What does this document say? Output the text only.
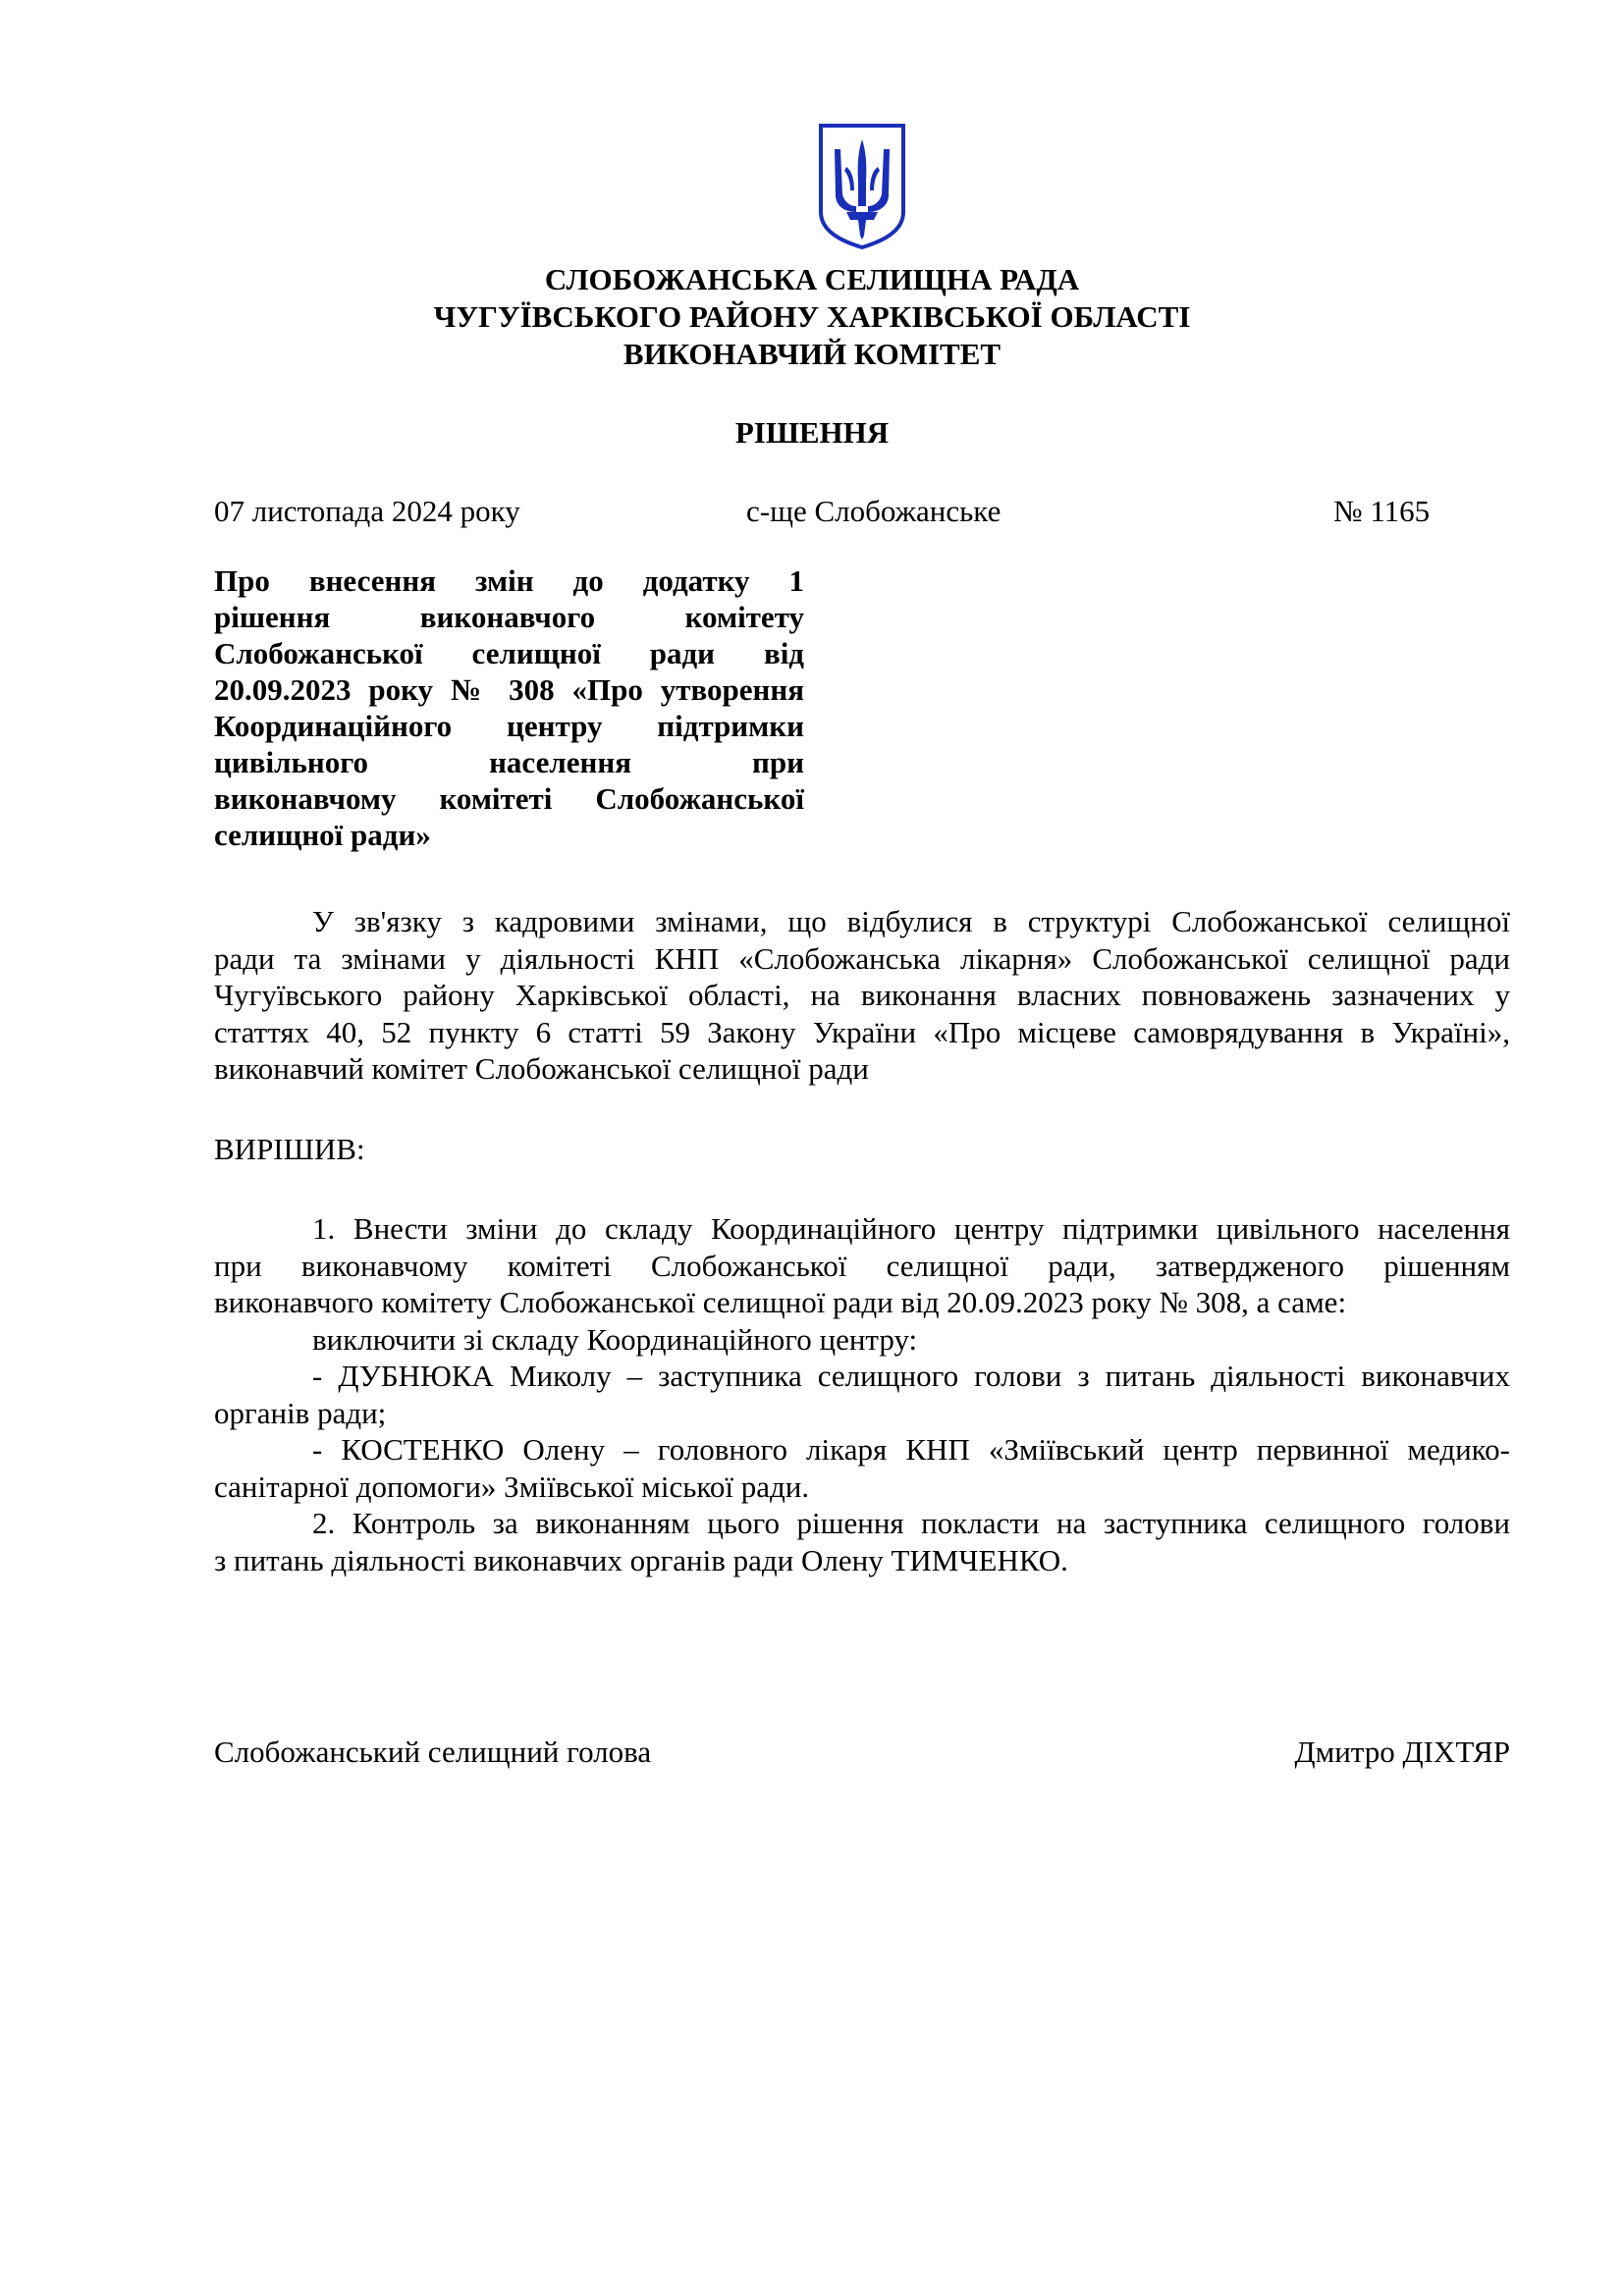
СЛОБОЖАНСЬКА СЕЛИЩНА РАДА
ЧУГУЇВСЬКОГО РАЙОНУ ХАРКІВСЬКОЇ ОБЛАСТІ
ВИКОНАВЧИЙ КОМІТЕТ
РІШЕННЯ
07 листопада 2024 року	с-ще Слобожанське	№ 1165
Про внесення змін до додатку 1
рішення виконавчого комітету
Слобожанської селищної ради від
20.09.2023 року № 308 «Про утворення
Координаційного центру підтримки
цивільного населення при
виконавчому комітеті Слобожанської
селищної ради»
У зв'язку з кадровими змінами, що відбулися в структурі Слобожанської селищної
ради та змінами у діяльності КНП «Слобожанська лікарня» Слобожанської селищної ради
Чугуївського району Харківської області, на виконання власних повноважень зазначених у
статтях 40, 52 пункту 6 статті 59 Закону України «Про місцеве самоврядування в Україні»,
виконавчий комітет Слобожанської селищної ради
ВИРІШИВ:
1. Внести зміни до складу Координаційного центру підтримки цивільного населення
при виконавчому комітеті Слобожанської селищної ради, затвердженого рішенням
виконавчого комітету Слобожанської селищної ради від 20.09.2023 року № 308, а саме:
виключити зі складу Координаційного центру:
- ДУБНЮКА Миколу – заступника селищного голови з питань діяльності виконавчих
органів ради;
- КОСТЕНКО Олену – головного лікаря КНП «Зміївський центр первинної медико-
санітарної допомоги» Зміївської міської ради.
2. Контроль за виконанням цього рішення покласти на заступника селищного голови
з питань діяльності виконавчих органів ради Олену ТИМЧЕНКО.
Слобожанський селищний голова	Дмитро ДІХТЯР
